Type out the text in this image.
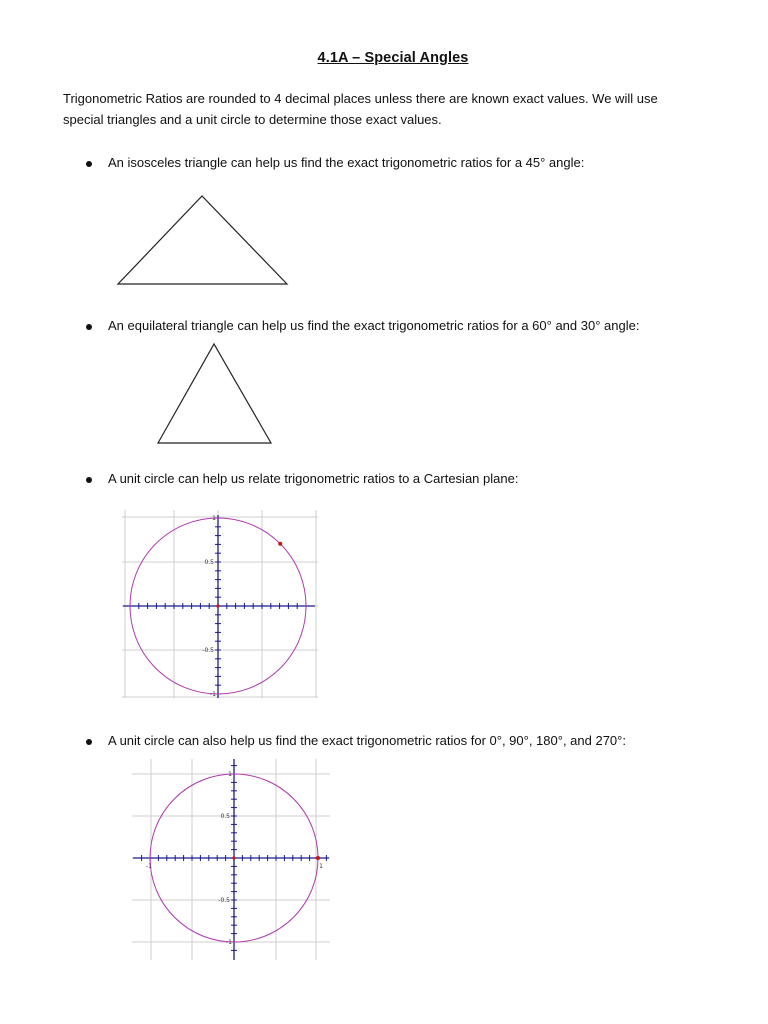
4.1A – Special Angles
Trigonometric Ratios are rounded to 4 decimal places unless there are known exact values. We will use
special triangles and a unit circle to determine those exact values.
An isosceles triangle can help us find the exact trigonometric ratios for a 45° angle:
An equilateral triangle can help us find the exact trigonometric ratios for a 60° and 30° angle:
A unit circle can help us relate trigonometric ratios to a Cartesian plane:
0.5
-0.5
1
-1
A unit circle can also help us find the exact trigonometric ratios for 0°, 90°, 180°, and 270°:
0.5
-0.5
1
-1
-1	1
